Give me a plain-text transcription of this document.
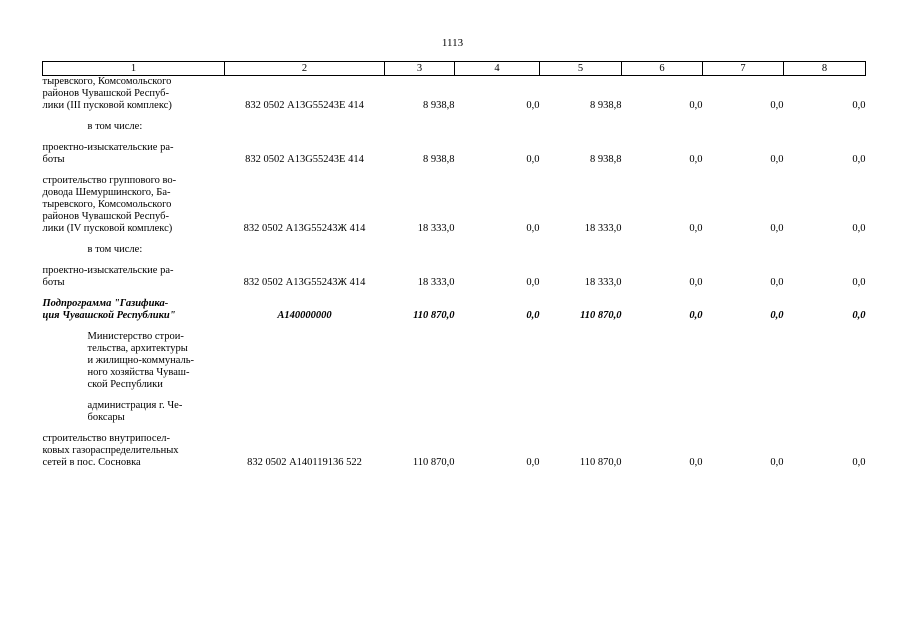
1113
1	2	3	4	5	6	7	8

тыревского, Комсомольского
районов Чувашской Респуб-
лики (III пусковой комплекс)	832 0502 А13G55243Е 414	8 938,8	0,0	8 938,8	0,0	0,0	0,0

в том числе:							

проектно-изыскательские ра-
боты	832 0502 А13G55243Е 414	8 938,8	0,0	8 938,8	0,0	0,0	0,0

строительство группового во-
довода Шемуршинского, Ба-
тыревского, Комсомольского
районов Чувашской Респуб-
лики (IV пусковой комплекс)	832 0502 А13G55243Ж 414	18 333,0	0,0	18 333,0	0,0	0,0	0,0

в том числе:							

проектно-изыскательские ра-
боты	832 0502 А13G55243Ж 414	18 333,0	0,0	18 333,0	0,0	0,0	0,0

Подпрограмма "Газифика-
ция Чувашской Республики"	А140000000	110 870,0	0,0	110 870,0	0,0	0,0	0,0

Министерство строи-
тельства, архитектуры
и жилищно-коммуналь-
ного хозяйства Чуваш-
ской Республики							

администрация г. Че-
боксары							

строительство внутрипосел-
ковых газораспределительных
сетей в пос. Сосновка	832 0502 А140119136 522	110 870,0	0,0	110 870,0	0,0	0,0	0,0
